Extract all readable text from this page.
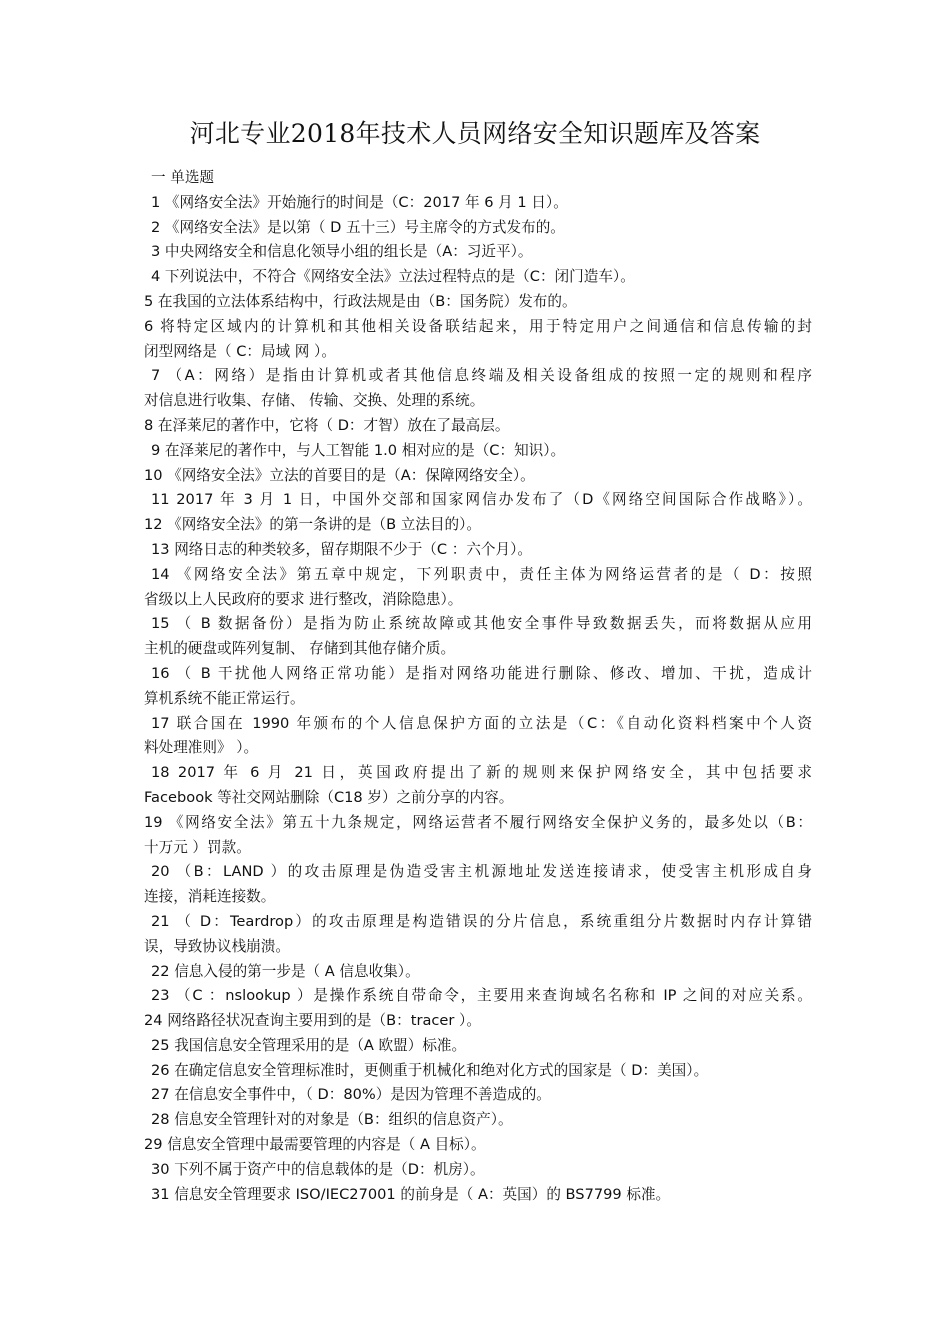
河北专业2018年技术人员网络安全知识题库及答案
一 单选题
1 《网络安全法》开始施行的时间是（C：2017 年 6 月 1 日）。
2 《网络安全法》是以第（ D 五十三）号主席令的方式发布的。
3 中央网络安全和信息化领导小组的组长是（A：习近平）。
4 下列说法中，不符合《网络安全法》立法过程特点的是（C：闭门造车）。
5 在我国的立法体系结构中，行政法规是由（B：国务院）发布的。
6 将特定区域内的计算机和其他相关设备联结起来，用于特定用户之间通信和信息传输的封
闭型网络是（ C：局域 网 ）。
7 （A：网络）是指由计算机或者其他信息终端及相关设备组成的按照一定的规则和程序
对信息进行收集、存储、 传输、交换、处理的系统。
8 在泽莱尼的著作中，它将（ D：才智）放在了最高层。
9 在泽莱尼的著作中，与人工智能 1.0 相对应的是（C：知识）。
10 《网络安全法》立法的首要目的是（A：保障网络安全）。
11 2017 年 3 月 1 日，中国外交部和国家网信办发布了（D《网络空间国际合作战略》）。
12 《网络安全法》的第一条讲的是（B 立法目的）。
13 网络日志的种类较多，留存期限不少于（C ：六个月）。
14 《网络安全法》第五章中规定，下列职责中，责任主体为网络运营者的是（ D：按照
省级以上人民政府的要求 进行整改，消除隐患）。
15 （ B 数据备份）是指为防止系统故障或其他安全事件导致数据丢失，而将数据从应用
主机的硬盘或阵列复制、 存储到其他存储介质。
16 （ B 干扰他人网络正常功能）是指对网络功能进行删除、修改、增加、干扰，造成计
算机系统不能正常运行。
17 联合国在 1990 年颁布的个人信息保护方面的立法是（C：《自动化资料档案中个人资
料处理准则》 ）。
18 2017 年 6 月 21 日，英国政府提出了新的规则来保护网络安全，其中包括要求
Facebook 等社交网站删除（C18 岁）之前分享的内容。
19 《网络安全法》第五十九条规定，网络运营者不履行网络安全保护义务的，最多处以（B：
十万元 ）罚款。
20 （B：LAND ）的攻击原理是伪造受害主机源地址发送连接请求，使受害主机形成自身
连接，消耗连接数。
21 （ D：Teardrop）的攻击原理是构造错误的分片信息，系统重组分片数据时内存计算错
误，导致协议栈崩溃。
22 信息入侵的第一步是（ A 信息收集）。
23 （C ：nslookup ）是操作系统自带命令，主要用来查询域名名称和 IP 之间的对应关系。
24 网络路径状况查询主要用到的是（B：tracer ）。
25 我国信息安全管理采用的是（A 欧盟）标准。
26 在确定信息安全管理标准时，更侧重于机械化和绝对化方式的国家是（ D：美国）。
27 在信息安全事件中，（ D：80%）是因为管理不善造成的。
28 信息安全管理针对的对象是（B：组织的信息资产）。
29 信息安全管理中最需要管理的内容是（ A 目标）。
30 下列不属于资产中的信息载体的是（D：机房）。
31 信息安全管理要求 ISO/IEC27001 的前身是（ A：英国）的 BS7799 标准。
